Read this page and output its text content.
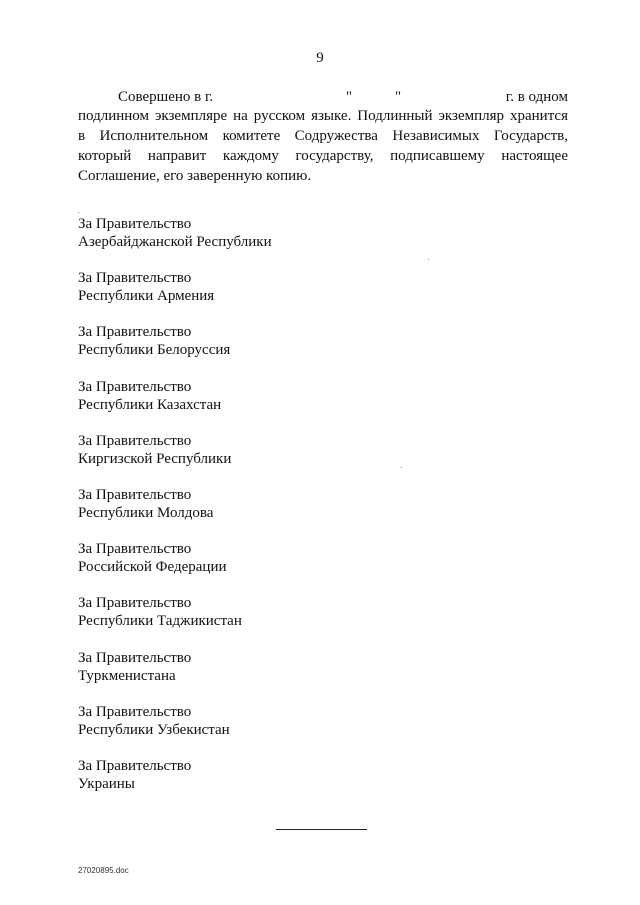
9
Совершено в г.	"	"	г. в одном
подлинном экземпляре на русском языке. Подлинный экземпляр хранится
в Исполнительном комитете Содружества Независимых Государств,
который направит каждому государству, подписавшему настоящее
Соглашение, его заверенную копию.
За Правительство
Азербайджанской Республики
За Правительство
Республики Армения
За Правительство
Республики Белоруссия
За Правительство
Республики Казахстан
За Правительство
Киргизской Республики
За Правительство
Республики Молдова
За Правительство
Российской Федерации
За Правительство
Республики Таджикистан
За Правительство
Туркменистана
За Правительство
Республики Узбекистан
За Правительство
Украины
27020895.doc
